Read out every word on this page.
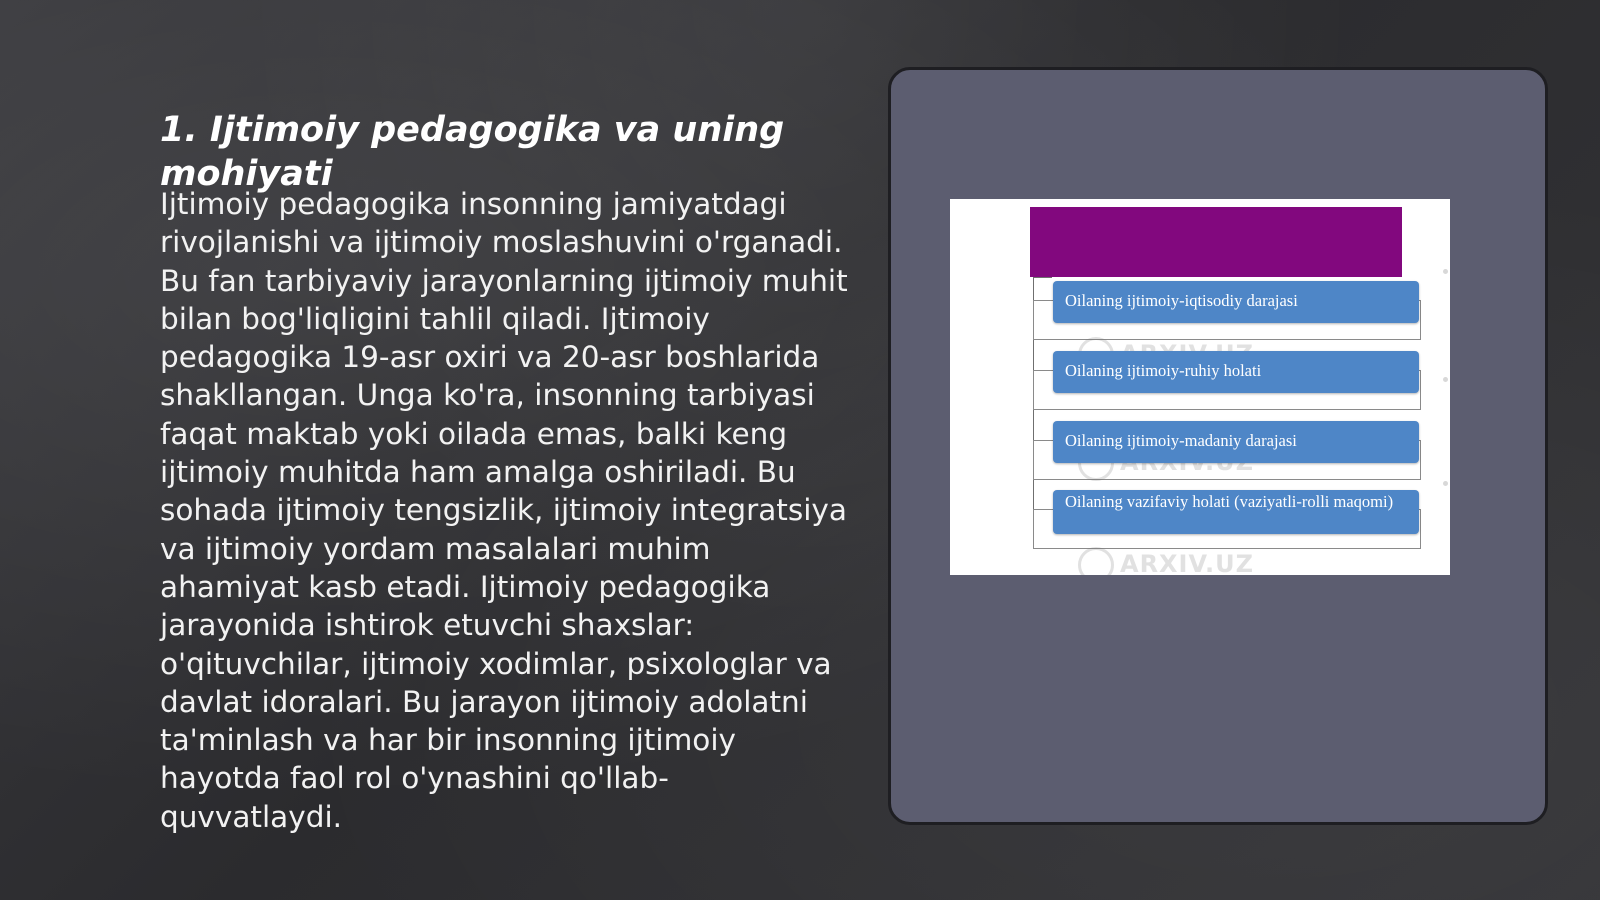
1. Ijtimoiy pedagogika va uning mohiyati

Ijtimoiy pedagogika insonning jamiyatdagi rivojlanishi va ijtimoiy moslashuvini o'rganadi. Bu fan tarbiyaviy jarayonlarning ijtimoiy muhit bilan bog'liqligini tahlil qiladi. Ijtimoiy pedagogika 19-asr oxiri va 20-asr boshlarida shakllangan. Unga ko'ra, insonning tarbiyasi faqat maktab yoki oilada emas, balki keng ijtimoiy muhitda ham amalga oshiriladi. Bu sohada ijtimoiy tengsizlik, ijtimoiy integratsiya va ijtimoiy yordam masalalari muhim ahamiyat kasb etadi. Ijtimoiy pedagogika jarayonida ishtirok etuvchi shaxslar: o'qituvchilar, ijtimoiy xodimlar, psixologlar va davlat idoralari. Bu jarayon ijtimoiy adolatni ta'minlash va har bir insonning ijtimoiy hayotda faol rol o'ynashini qo'llab-quvvatlaydi.

ARXIV.UZ
Oilaning ijtimoiy-iqtisodiy darajasi
Oilaning ijtimoiy-ruhiy holati
Oilaning ijtimoiy-madaniy darajasi
Oilaning vazifaviy holati (vaziyatli-rolli maqomi)
